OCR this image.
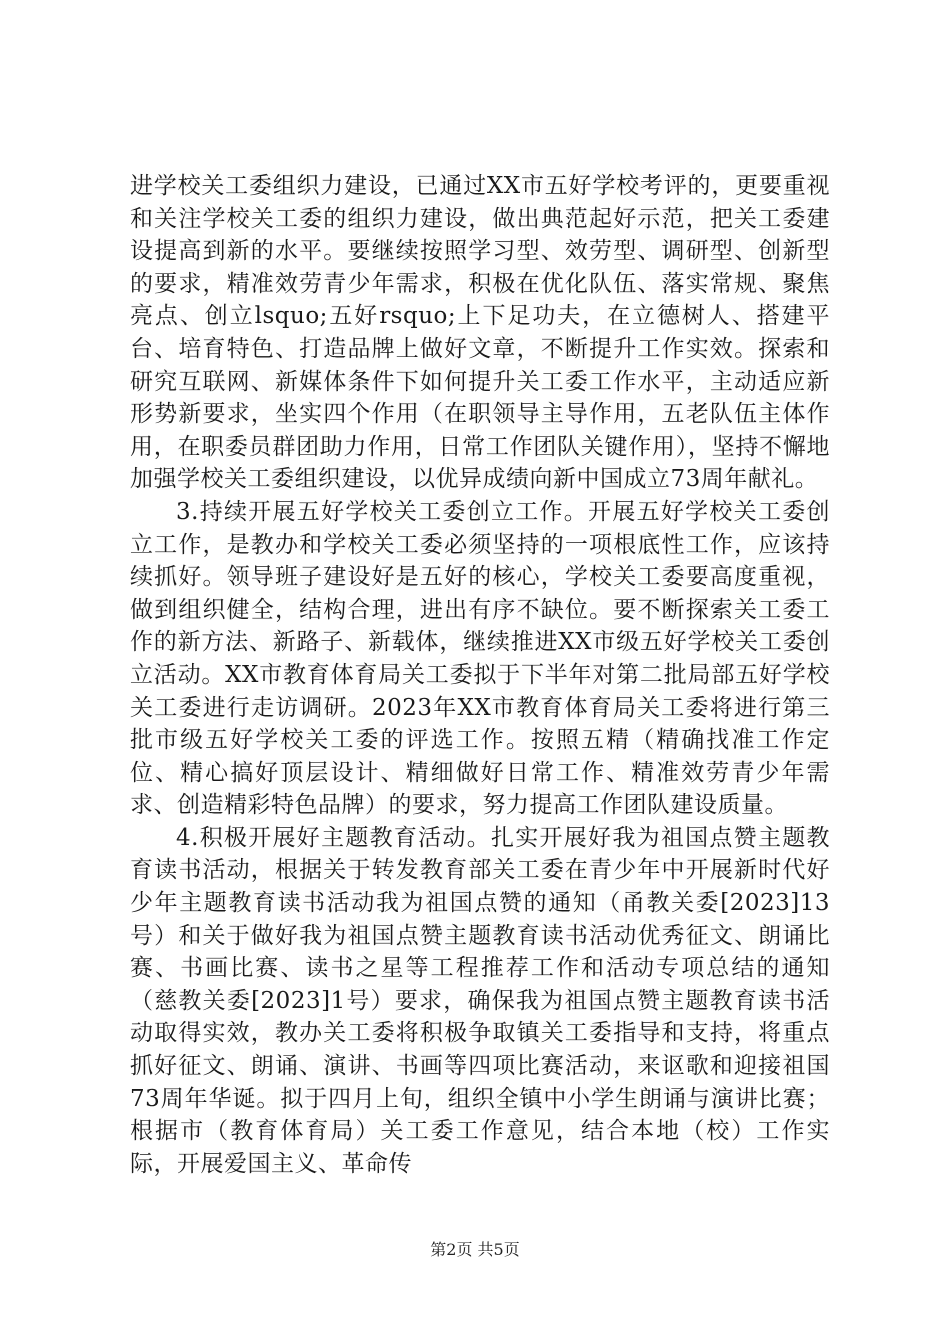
进学校关工委组织力建设，已通过XX市五好学校考评的，更要重视和关注学校关工委的组织力建设，做出典范起好示范，把关工委建设提高到新的水平。要继续按照学习型、效劳型、调研型、创新型的要求，精准效劳青少年需求，积极在优化队伍、落实常规、聚焦亮点、创立lsquo;五好rsquo;上下足功夫，在立德树人、搭建平台、培育特色、打造品牌上做好文章，不断提升工作实效。探索和研究互联网、新媒体条件下如何提升关工委工作水平，主动适应新形势新要求，坐实四个作用（在职领导主导作用，五老队伍主体作用，在职委员群团助力作用，日常工作团队关键作用），坚持不懈地加强学校关工委组织建设，以优异成绩向新中国成立73周年献礼。

3.持续开展五好学校关工委创立工作。开展五好学校关工委创立工作，是教办和学校关工委必须坚持的一项根底性工作，应该持续抓好。领导班子建设好是五好的核心，学校关工委要高度重视，做到组织健全，结构合理，进出有序不缺位。要不断探索关工委工作的新方法、新路子、新载体，继续推进XX市级五好学校关工委创立活动。XX市教育体育局关工委拟于下半年对第二批局部五好学校关工委进行走访调研。2023年XX市教育体育局关工委将进行第三批市级五好学校关工委的评选工作。按照五精（精确找准工作定位、精心搞好顶层设计、精细做好日常工作、精准效劳青少年需求、创造精彩特色品牌）的要求，努力提高工作团队建设质量。

4.积极开展好主题教育活动。扎实开展好我为祖国点赞主题教育读书活动，根据关于转发教育部关工委在青少年中开展新时代好少年主题教育读书活动我为祖国点赞的通知（甬教关委[2023]13号）和关于做好我为祖国点赞主题教育读书活动优秀征文、朗诵比赛、书画比赛、读书之星等工程推荐工作和活动专项总结的通知（慈教关委[2023]1号）要求，确保我为祖国点赞主题教育读书活动取得实效，教办关工委将积极争取镇关工委指导和支持，将重点抓好征文、朗诵、演讲、书画等四项比赛活动，来讴歌和迎接祖国73周年华诞。拟于四月上旬，组织全镇中小学生朗诵与演讲比赛；根据市（教育体育局）关工委工作意见，结合本地（校）工作实际，开展爱国主义、革命传

第2页 共5页
